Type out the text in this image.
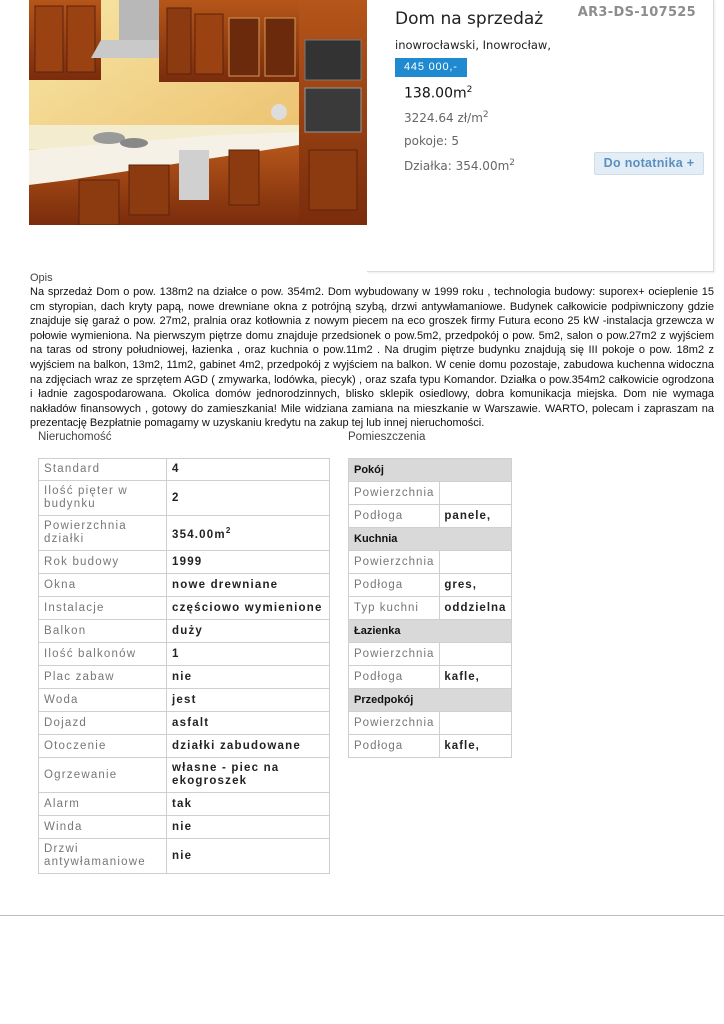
AR3-DS-107525
Dom na sprzedaż
inowrocławski, Inowrocław,
445 000,-
$138.00m^2$
3224.64 $zł/m^2$
pokoje: 5
Działka: $354.00m^2$	Do notatnika +
Opis
Na sprzedaż Dom o pow. 138m2 na działce o pow. 354m2. Dom wybudowany w 1999 roku , technologia budowy: suporex+ ocieplenie 15 cm styropian, dach kryty papą, nowe drewniane okna z potrójną szybą, drzwi antywłamaniowe. Budynek całkowicie podpiwniczony gdzie znajduje się garaż o pow. 27m2, pralnia oraz kotłownia z nowym piecem na eco groszek firmy Futura econo 25 kW -instalacja grzewcza w połowie wymieniona. Na pierwszym piętrze domu znajduje przedsionek o pow.5m2, przedpokój o pow. 5m2, salon o pow.27m2 z wyjściem na taras od strony południowej, łazienka , oraz kuchnia o pow.11m2 . Na drugim piętrze budynku znajdują się III pokoje o pow. 18m2 z wyjściem na balkon, 13m2, 11m2, gabinet 4m2, przedpokój z wyjściem na balkon. W cenie domu pozostaje, zabudowa kuchenna widoczna na zdjęciach wraz ze sprzętem AGD ( zmywarka, lodówka, piecyk) , oraz szafa typu Komandor. Działka o pow.354m2 całkowicie ogrodzona i ładnie zagospodarowana. Okolica domów jednorodzinnych, blisko sklepik osiedlowy, dobra komunikacja miejska. Dom nie wymaga nakładów finansowych , gotowy do zamieszkania! Mile widziana zamiana na mieszkanie w Warszawie. WARTO, polecam i zapraszam na prezentację Bezpłatnie pomagamy w uzyskaniu kredytu na zakup tej lub innej nieruchomości.
Nieruchomość	Pomieszczenia
Standard	4
Ilość pięter w budynku	2
Powierzchnia działki	$354.00m^2$
Rok budowy	1999
Okna	nowe drewniane
Instalacje	częściowo wymienione
Balkon	duży
Ilość balkonów	1
Plac zabaw	nie
Woda	jest
Dojazd	asfalt
Otoczenie	działki zabudowane
Ogrzewanie	własne - piec na ekogroszek
Alarm	tak
Winda	nie
Drzwi antywłamaniowe	nie
Pokój	
Powierzchnia	
Podłoga	panele,
Kuchnia	
Powierzchnia	
Podłoga	gres,
Typ kuchni	oddzielna
Łazienka	
Powierzchnia	
Podłoga	kafle,
Przedpokój	
Powierzchnia	
Podłoga	kafle,
